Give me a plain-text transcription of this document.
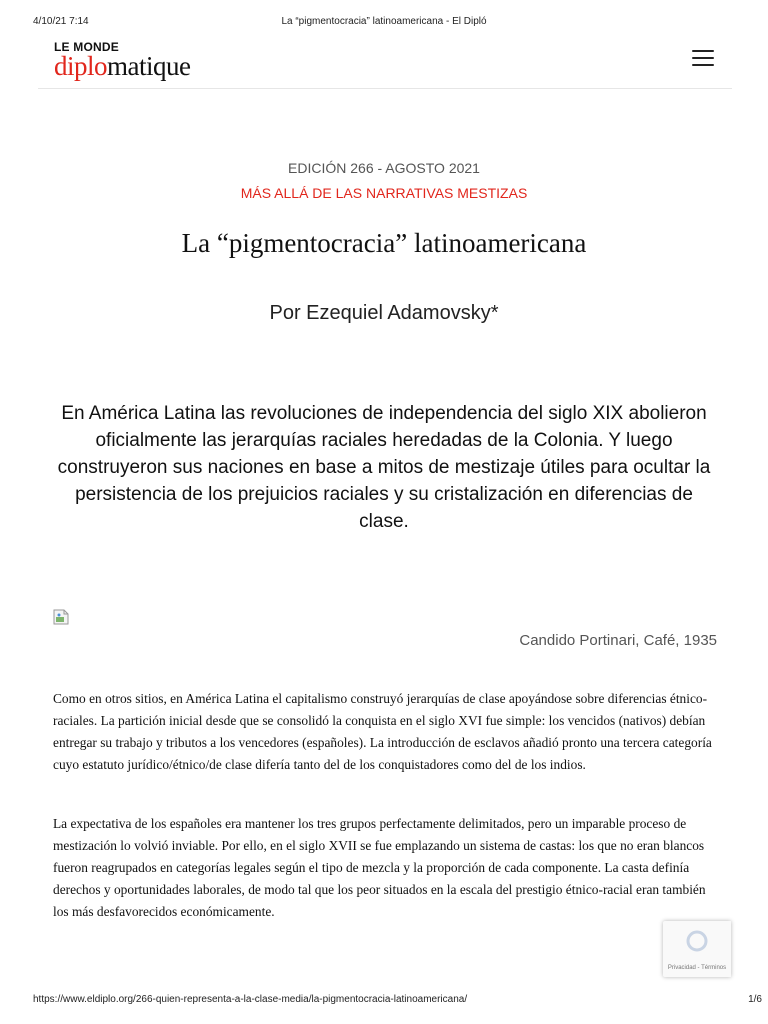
4/10/21 7:14	La “pigmentocracia” latinoamericana - El Dipló
LE MONDE
diplomatique
EDICIÓN 266 - AGOSTO 2021
MÁS ALLÁ DE LAS NARRATIVAS MESTIZAS
La “pigmentocracia” latinoamericana
Por Ezequiel Adamovsky*
En América Latina las revoluciones de independencia del siglo XIX abolieron oficialmente las jerarquías raciales heredadas de la Colonia. Y luego construyeron sus naciones en base a mitos de mestizaje útiles para ocultar la persistencia de los prejuicios raciales y su cristalización en diferencias de clase.
Candido Portinari, Café, 1935

Como en otros sitios, en América Latina el capitalismo construyó jerarquías de clase apoyándose sobre diferencias étnico-raciales. La partición inicial desde que se consolidó la conquista en el siglo XVI fue simple: los vencidos (nativos) debían entregar su trabajo y tributos a los vencedores (españoles). La introducción de esclavos añadió pronto una tercera categoría cuyo estatuto jurídico/étnico/de clase difería tanto del de los conquistadores como del de los indios.

La expectativa de los españoles era mantener los tres grupos perfectamente delimitados, pero un imparable proceso de mestización lo volvió inviable. Por ello, en el siglo XVII se fue emplazando un sistema de castas: los que no eran blancos fueron reagrupados en categorías legales según el tipo de mezcla y la proporción de cada componente. La casta definía derechos y oportunidades laborales, de modo tal que los peor situados en la escala del prestigio étnico-racial eran también los más desfavorecidos económicamente.

Privacidad - Términos
https://www.eldiplo.org/266-quien-representa-a-la-clase-media/la-pigmentocracia-latinoamericana/	1/6
